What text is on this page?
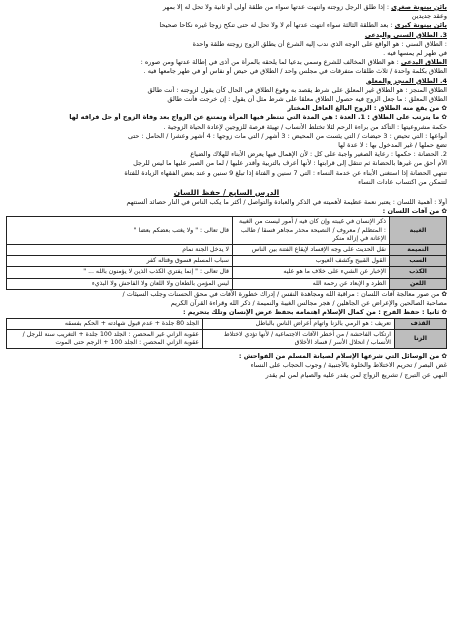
بائن بينونة صغرى : إذا طلق الرجل زوجته وانتهت عدتها سواء من طلقة أولى أو ثانية ولا تحل له إلا بمهر

وعقد جديدين

بائن بينونة كبرى : بعد الطلقة الثالثة سواء انتهت عدتها أم لا ولا تحل له حتى تنكح زوجا غيره نكاحا صحيحا

3. الطلاق السني والبدعي

: الطلاق السني : هو الواقع على الوجه الذي ندب إليه الشرع أن يطلق الزوج زوجته طلقة واحدة

في طهر لم يمسها فيه .

الطلاق البدعي : هو الطلاق المخالف للشرع وسمي بدعيا لما يلحقه بالمرأة من أذى في إطالة عدتها ومن صوره :

الطلاق بكلمة واحدة / ثلاث طلقات متفرقات في مجلس واحد / الطلاق في حيض أو نفاس أو في طهر جامعها فيه .

4. الطلاق المنجز والمعلق

الطلاق المنجز : هو الطلاق غير المعلق على شرط يقصد به وقوع الطلاق في الحال كأن يقول لزوجته : أنت طالق

الطلاق المعلق : ما جعل الزوج فيه حصول الطلاق معلقا على شرط مثل أن يقول : إن خرجت فأنت طالق

✿ من يقع منه الطلاق : الزوج البالغ العاقل المختار

✿ ما يترتب على الطلاق : 1. العدة : هي المدة التي تنتظر فيها المرأة وتمتنع عن الزواج بعد وفاة الزوج أو حل فراقه لها

حكمة مشروعيتها : التأكد من براءة الرحم لئلا تختلط الأنساب / تهيئة فرصة للزوجين لإعادة الحياة الزوجية .

أنواعها : التي تحيض : 3 حيضات / التي يئست من المحيض : 3 أشهر / التي مات زوجها : 4 أشهر وعشرا / الحامل : حتى

تضع حملها / غير المدخول بها : لا عدة لها

2. الحضانة : حكمها : رعاية الصغير واجبة على كل : لأن الإهمال فيها يعرض الأبناء للهلاك والضياع

الأم أحق من غيرها بالحضانة ثم تنتقل إلى قرابتها : لأنها أعرف بالتربية وأقدر عليها / لما من الصبر عليها ما ليس للرجل

تنتهي الحضانة إذا استغنى الأبناء عن خدمة النساء : التي 7 سنين و الفتاة إذا تبلغ 9 سنين و عند بعض الفقهاء الزيادة للفتاة

لتتمكن من اكتساب عادات النساء

الدرس السابع / حفظ اللسان

أولا : أهمية اللسان : يعتبر نعمة عظيمة لأهميته في الذكر والعبادة والتواصل / أكثر ما يكب الناس في النار حصائد ألسنتهم

✿ من آفات اللسان :

الغيبة	ذكر الإنسان في غيبته وإن كان فيه / أمور ليست من الغيبة : المتظلم / معروف / النصيحة محذر مجاهر فسقا / طالب الإعانة في إزالة منكر	قال تعالى : " ولا يغتب بعضكم بعضا "
النميمة	نقل الحديث على وجه الإفساد لإيقاع الفتنة بين الناس	لا يدخل الجنة نمام
السب	القول القبيح وكشف العيوب	سباب المسلم فسوق وقتاله كفر
الكذب	الإخبار عن الشيء على خلاف ما هو عليه	قال تعالى : " إنما يفتري الكذب الذين لا يؤمنون بالله ... "
اللعن	الطرد و الإبعاد عن رحمة الله	ليس المؤمن بالطعان ولا اللعان ولا الفاحش ولا البذيء

✿ من صور معالجة آفات اللسان : مراقبة الله ومجاهدة النفس / إدراك خطورة الآفات في محق الحسنات وجلب السيئات /

مصاحبة الصالحين والإعراض عن الجاهلين / هجر مجالس الغيبة والنميمة / ذكر الله وقراءة القرآن الكريم

✿ ثانيا : حفظ الفرج : من كمال الإسلام اهتمامه بحفظ عرض الإنسان وتلك بتحريم :

القذف	تعريف : هو الرمي بالزنا واتهام أعراض الناس بالباطل	الجلد 80 جلدة + عدم قبول شهادته + الحكم بفسقه
الزنا	ارتكاب الفاحشة / من أخطر الآفات الاجتماعية / لأنها تؤدي لاختلاط الأنساب / انحلال الأسر / فساد الأخلاق	عقوبة الزاني غير المحصن : الجلد 100 جلدة + التغريب سنة للرجل / عقوبة الزاني المحصن : الجلد 100 + الرجم حتى الموت

✿ من الوسائل التي شرعها الإسلام لصيانة المسلم من الفواحش :

غض البصر / تحريم الاختلاط والخلوة بالأجنبية / وجوب الحجاب على النساء

النهي عن التبرج / تشريع الزواج لمن يقدر عليه والصيام لمن لم يقدر
